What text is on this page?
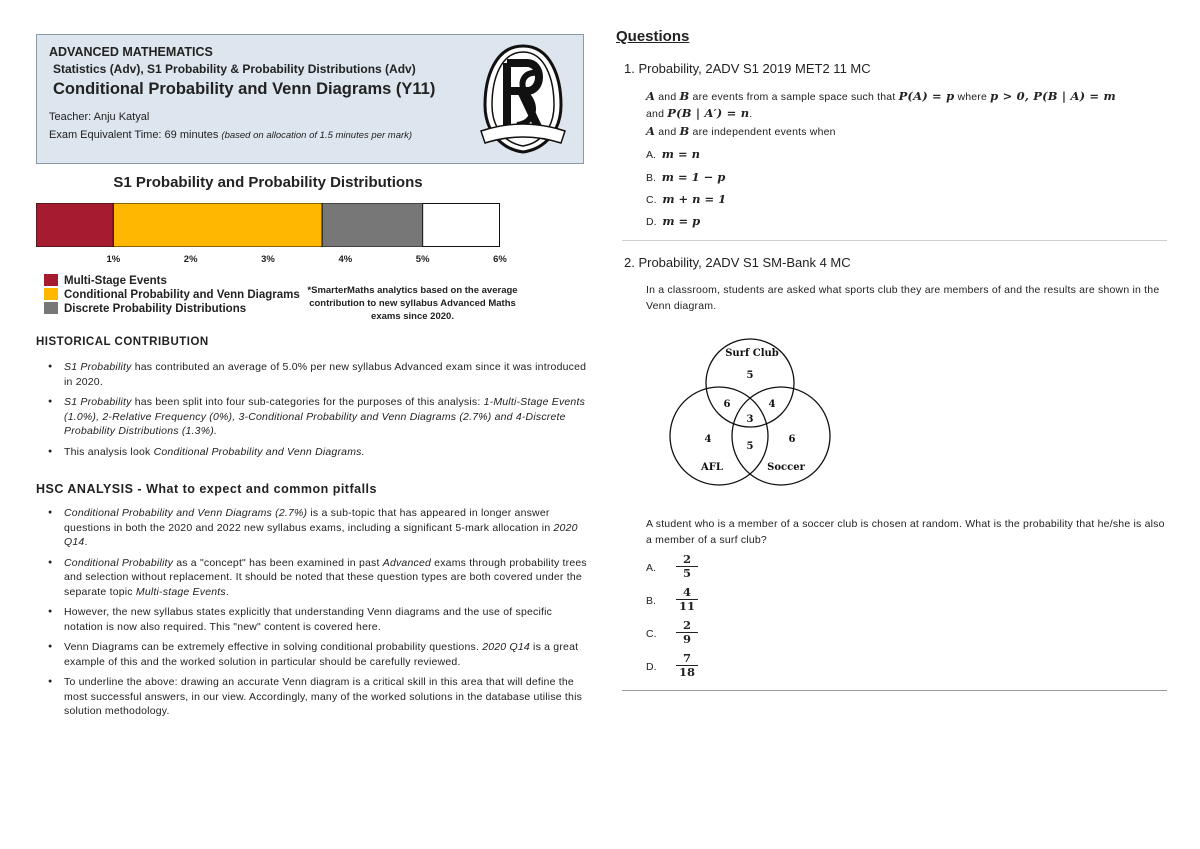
ADVANCED MATHEMATICS
Statistics (Adv), S1 Probability & Probability Distributions (Adv)
Conditional Probability and Venn Diagrams (Y11)
Teacher: Anju Katyal
Exam Equivalent Time: 69 minutes (based on allocation of 1.5 minutes per mark)
S1 Probability and Probability Distributions
1%	2%	3%	4%	5%	6%
Multi-Stage Events
Conditional Probability and Venn Diagrams
Discrete Probability Distributions
*SmarterMaths analytics based on the average contribution to new syllabus Advanced Maths exams since 2020.
HISTORICAL CONTRIBUTION
● S1 Probability has contributed an average of 5.0% per new syllabus Advanced exam since it was introduced in 2020.
● S1 Probability has been split into four sub-categories for the purposes of this analysis: 1-Multi-Stage Events (1.0%), 2-Relative Frequency (0%), 3-Conditional Probability and Venn Diagrams (2.7%) and 4-Discrete Probability Distributions (1.3%).
● This analysis look Conditional Probability and Venn Diagrams.
HSC ANALYSIS - What to expect and common pitfalls
● Conditional Probability and Venn Diagrams (2.7%) is a sub-topic that has appeared in longer answer questions in both the 2020 and 2022 new syllabus exams, including a significant 5-mark allocation in 2020 Q14.
● Conditional Probability as a "concept" has been examined in past Advanced exams through probability trees and selection without replacement. It should be noted that these question types are both covered under the separate topic Multi-stage Events.
● However, the new syllabus states explicitly that understanding Venn diagrams and the use of specific notation is now also required. This "new" content is covered here.
● Venn Diagrams can be extremely effective in solving conditional probability questions. 2020 Q14 is a great example of this and the worked solution in particular should be carefully reviewed.
● To underline the above: drawing an accurate Venn diagram is a critical skill in this area that will define the most successful answers, in our view. Accordingly, many of the worked solutions in the database utilise this solution methodology.
Questions
1. Probability, 2ADV S1 2019 MET2 11 MC
A and B are events from a sample space such that P(A) = p where p > 0, P(B | A) = m
and P(B | A′) = n.
A and B are independent events when
A. m = n
B. m = 1 − p
C. m + n = 1
D. m = p
2. Probability, 2ADV S1 SM-Bank 4 MC
In a classroom, students are asked what sports club they are members of and the results are shown in the Venn diagram.
Surf Club
AFL	Soccer
5
6	4
3
4
5
6
A student who is a member of a soccer club is chosen at random. What is the probability that he/she is also a member of a surf club?
A. $\frac{2}{5}$
B. $\frac{4}{11}$
C. $\frac{2}{9}$
D. $\frac{7}{18}$
